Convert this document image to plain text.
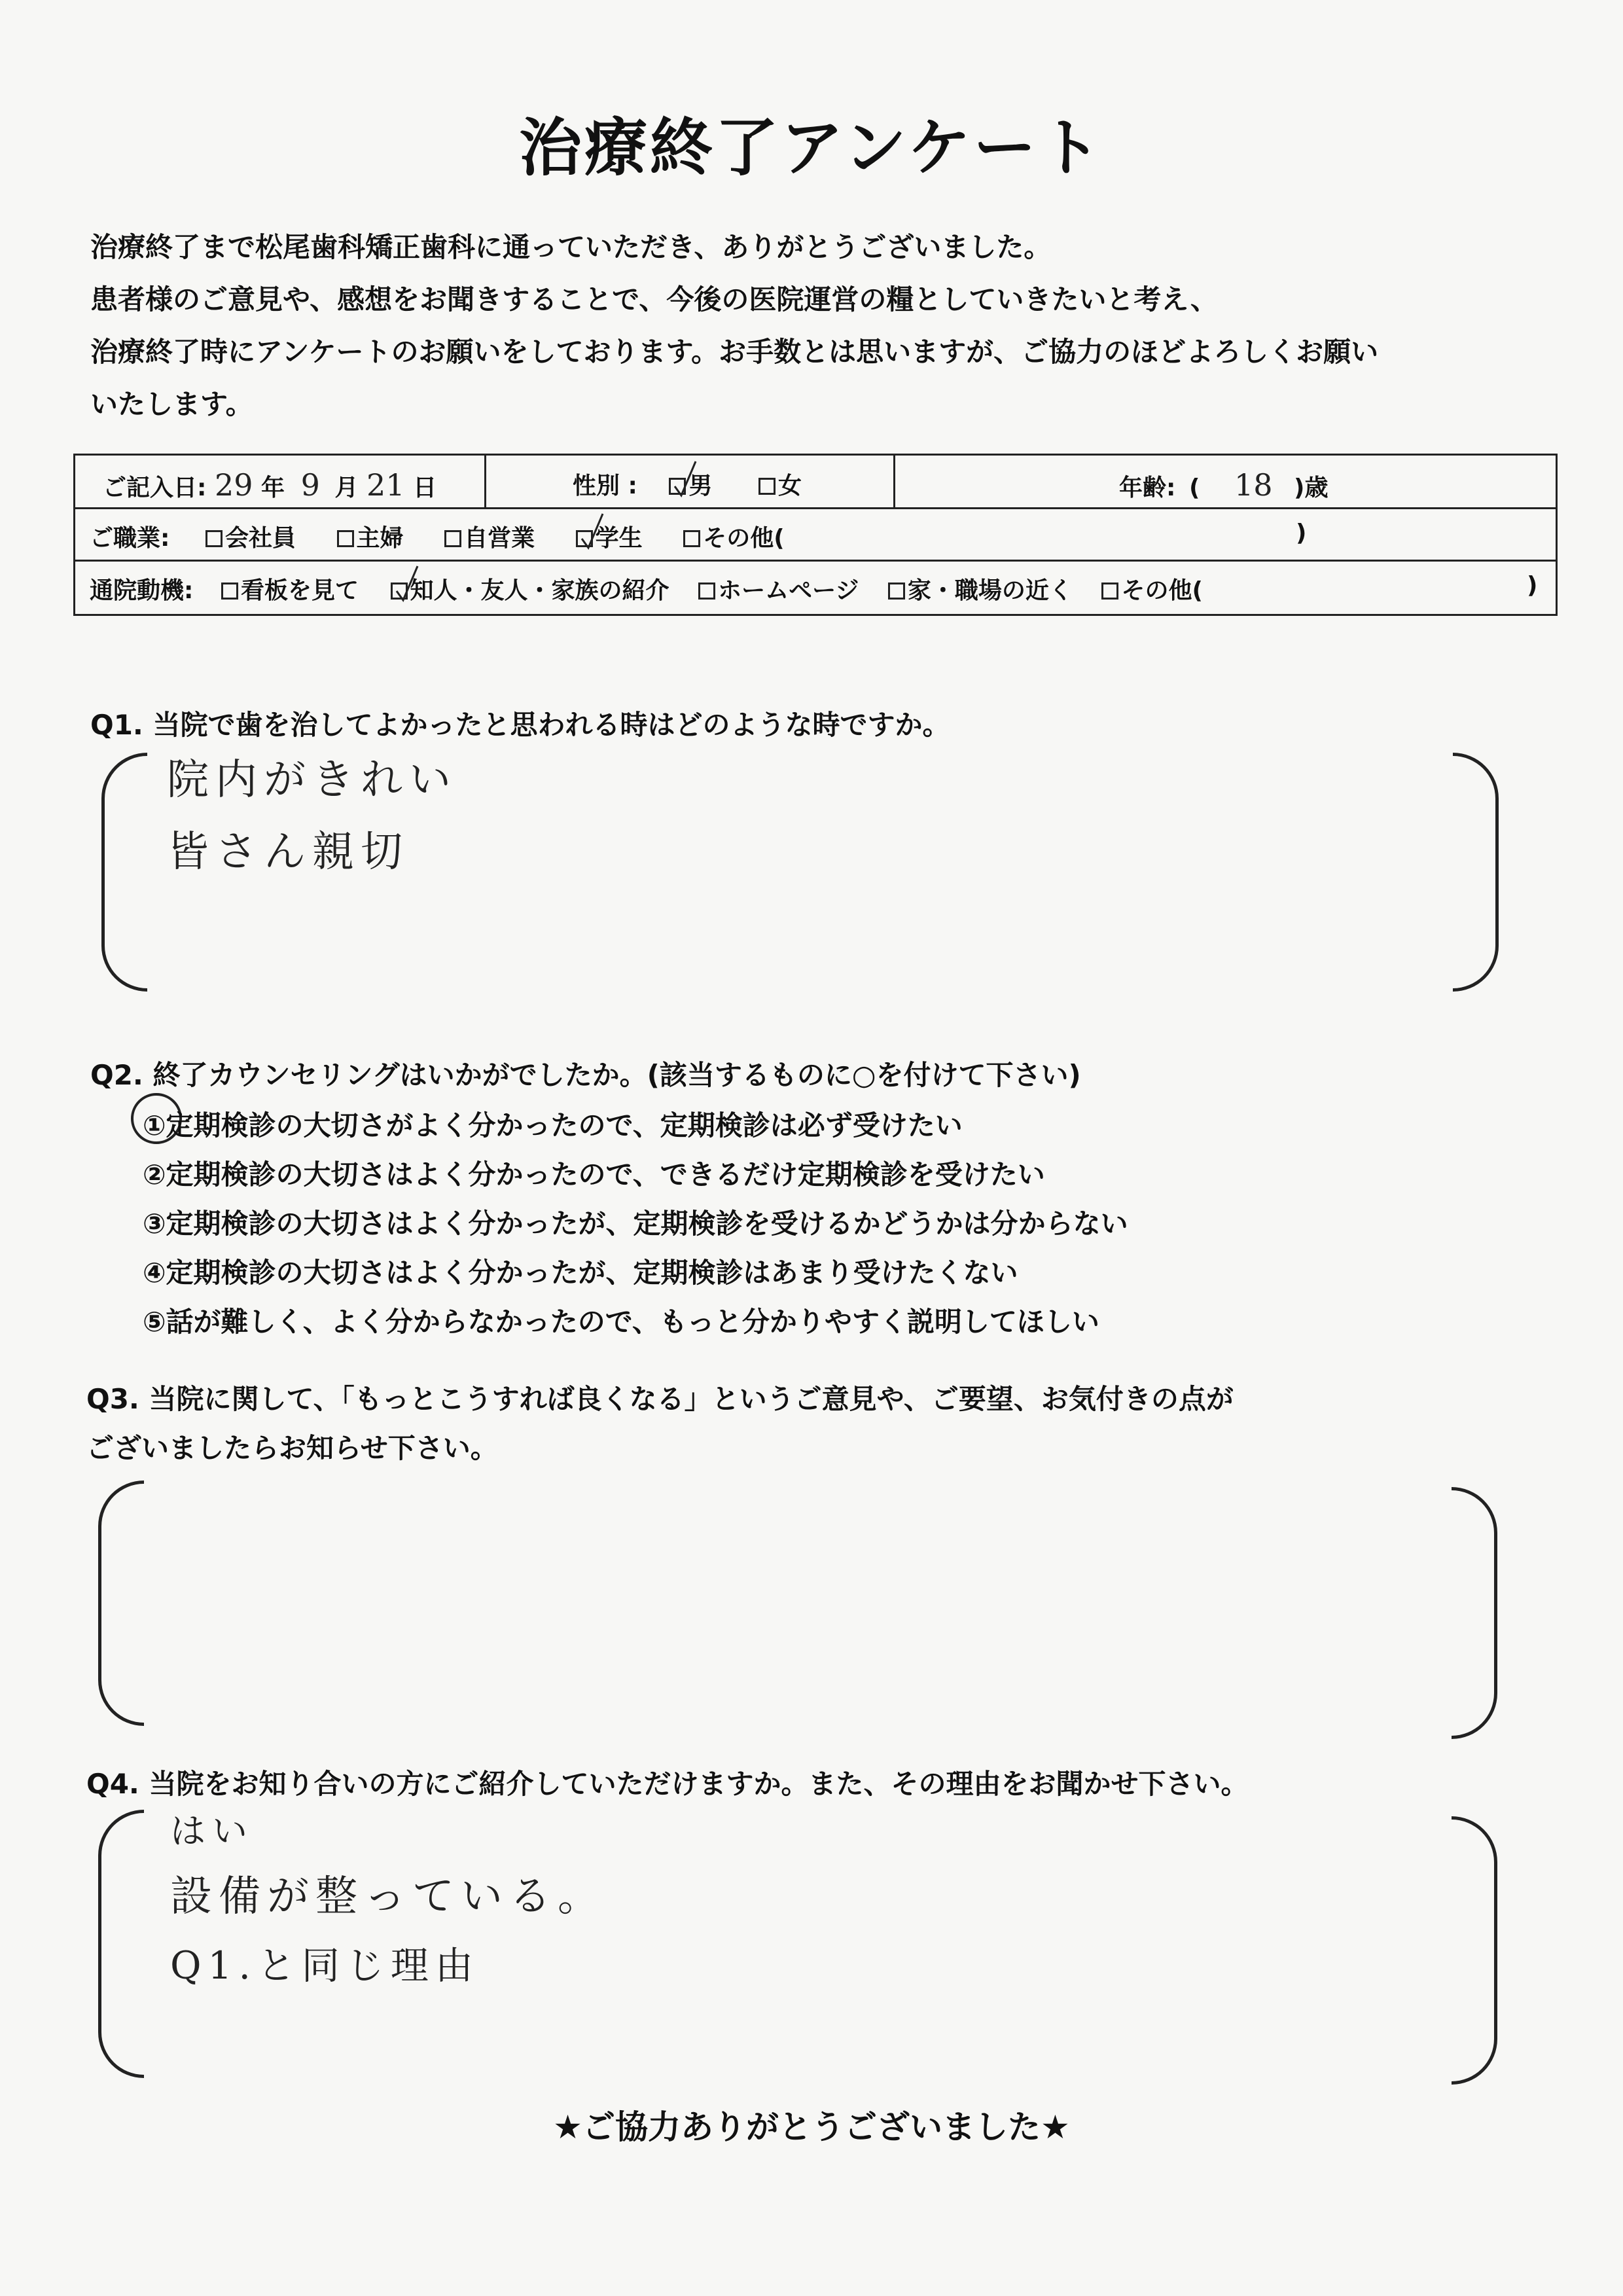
治療終了アンケート
治療終了まで松尾歯科矯正歯科に通っていただき、ありがとうございました。
患者様のご意見や、感想をお聞きすることで、今後の医院運営の糧としていきたいと考え、
治療終了時にアンケートのお願いをしております。お手数とは思いますが、ご協力のほどよろしくお願い
いたします。
ご記入日: 29 年 9 月 21 日	性別 : 男	女	年齢: ( 18 )歳
ご職業: 会社員	主婦	自営業	学生	その他(	)
通院動機: 看板を見て 知人・友人・家族の紹介 ホームページ 家・職場の近く その他(	)
Q1. 当院で歯を治してよかったと思われる時はどのような時ですか。
院内がきれい
皆さん親切
Q2. 終了カウンセリングはいかがでしたか。(該当するものに○を付けて下さい)
①定期検診の大切さがよく分かったので、定期検診は必ず受けたい
②定期検診の大切さはよく分かったので、できるだけ定期検診を受けたい
③定期検診の大切さはよく分かったが、定期検診を受けるかどうかは分からない
④定期検診の大切さはよく分かったが、定期検診はあまり受けたくない
⑤話が難しく、よく分からなかったので、もっと分かりやすく説明してほしい
Q3. 当院に関して、「もっとこうすれば良くなる」というご意見や、ご要望、お気付きの点が
ございましたらお知らせ下さい。
Q4. 当院をお知り合いの方にご紹介していただけますか。また、その理由をお聞かせ下さい。
はい
設備が整っている。
Q1.と同じ理由
★ご協力ありがとうございました★
